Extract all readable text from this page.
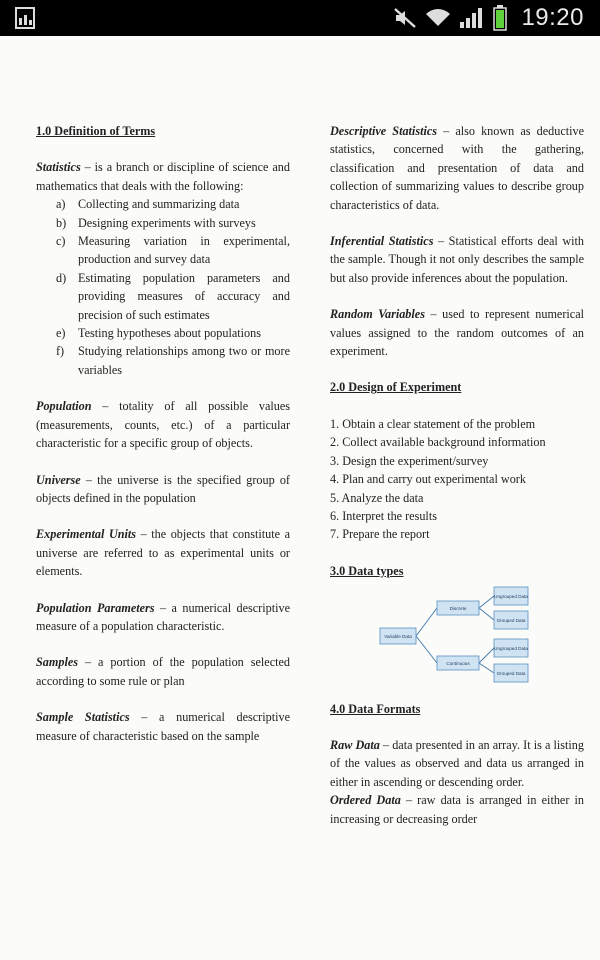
19:20

1.0 Definition of Terms

Statistics – is a branch or discipline of science and mathematics that deals with the following:

a)	Collecting and summarizing data
b) Designing experiments with surveys
c)	Measuring variation in experimental, production and survey data
d) Estimating population parameters and providing measures of accuracy and precision of such estimates
e)	Testing hypotheses about populations
f)	Studying relationships among two or more variables

Population – totality of all possible values (measurements, counts, etc.) of a particular characteristic for a specific group of objects.

Universe – the universe is the specified group of objects defined in the population

Experimental Units – the objects that constitute a universe are referred to as experimental units or elements.

Population Parameters – a numerical descriptive measure of a population characteristic.

Samples – a portion of the population selected according to some rule or plan

Sample Statistics – a numerical descriptive measure of characteristic based on the sample

Descriptive Statistics – also known as deductive statistics, concerned with the gathering, classification and presentation of data and collection of summarizing values to describe group characteristics of data.

Inferential Statistics – Statistical efforts deal with the sample. Though it not only describes the sample but also provide inferences about the population.

Random Variables – used to represent numerical values assigned to the random outcomes of an experiment.

2.0 Design of Experiment

1. Obtain a clear statement of the problem
2. Collect available background information
3. Design the experiment/survey
4. Plan and carry out experimental work
5. Analyze the data
6. Interpret the results
7. Prepare the report

3.0 Data types

Variable Data
Discrete
Continuous
Ungrouped Data
Grouped Data
Ungrouped Data
Grouped Data

4.0 Data Formats

Raw Data – data presented in an array. It is a listing of the values as observed and data us arranged in either in ascending or descending order.

Ordered Data – raw data is arranged in either in increasing or decreasing order
